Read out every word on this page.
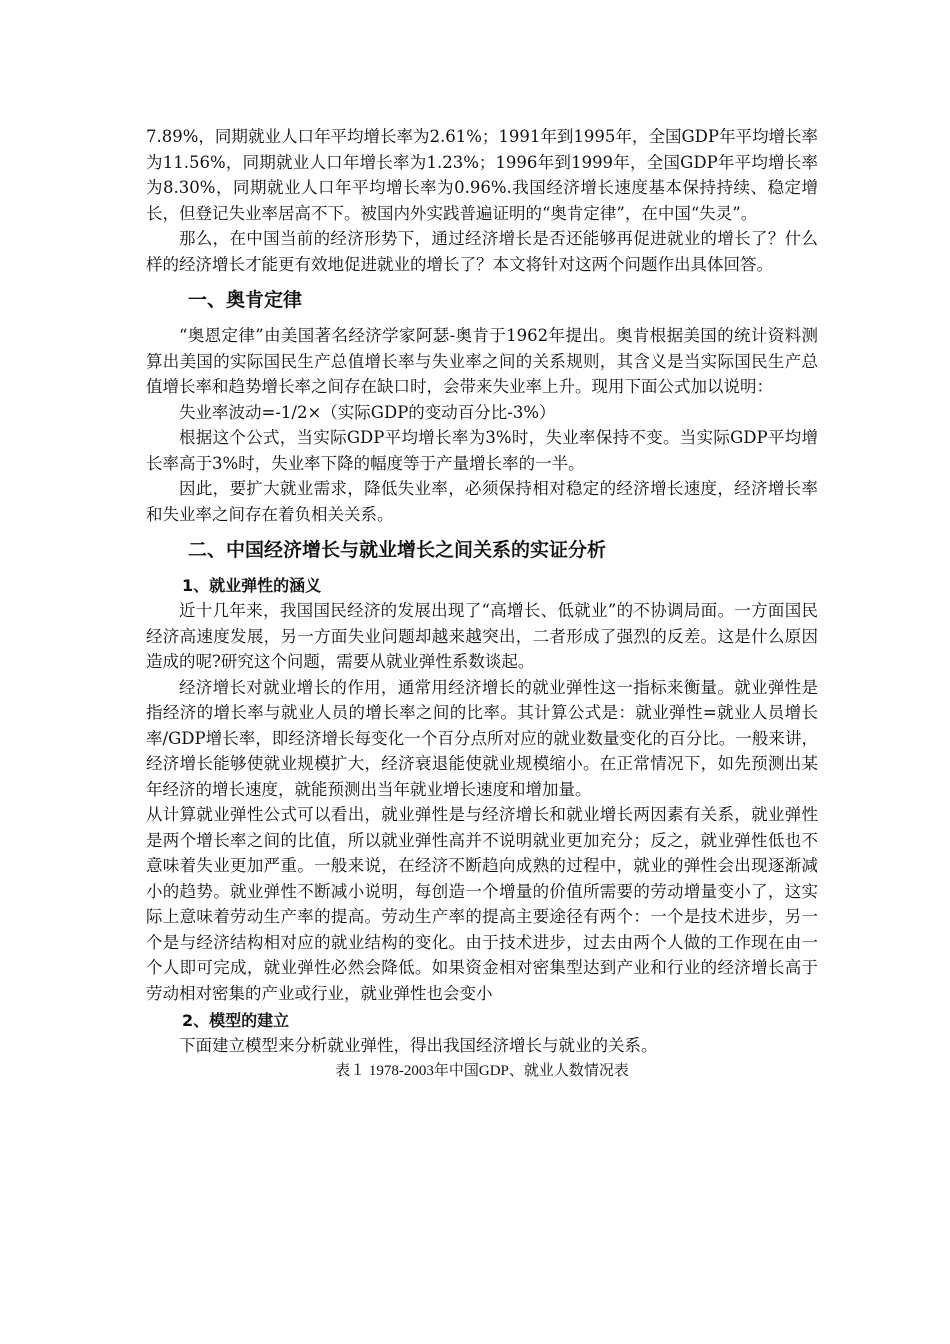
7.89%，同期就业人口年平均增长率为2.61%；1991年到1995年，全国GDP年平均增长率为11.56%，同期就业人口年增长率为1.23%；1996年到1999年，全国GDP年平均增长率为8.30%，同期就业人口年平均增长率为0.96%.我国经济增长速度基本保持持续、稳定增长，但登记失业率居高不下。被国内外实践普遍证明的“奥肯定律”，在中国“失灵”。

那么，在中国当前的经济形势下，通过经济增长是否还能够再促进就业的增长了？什么样的经济增长才能更有效地促进就业的增长了？本文将针对这两个问题作出具体回答。

一、奥肯定律

“奥恩定律”由美国著名经济学家阿瑟-奥肯于1962年提出。奥肯根据美国的统计资料测算出美国的实际国民生产总值增长率与失业率之间的关系规则，其含义是当实际国民生产总值增长率和趋势增长率之间存在缺口时，会带来失业率上升。现用下面公式加以说明：

失业率波动=-1/2×（实际GDP的变动百分比-3%）

根据这个公式，当实际GDP平均增长率为3%时，失业率保持不变。当实际GDP平均增长率高于3%时，失业率下降的幅度等于产量增长率的一半。

因此，要扩大就业需求，降低失业率，必须保持相对稳定的经济增长速度，经济增长率和失业率之间存在着负相关关系。

二、中国经济增长与就业增长之间关系的实证分析
1、就业弹性的涵义

近十几年来，我国国民经济的发展出现了“高增长、低就业”的不协调局面。一方面国民经济高速度发展，另一方面失业问题却越来越突出，二者形成了强烈的反差。这是什么原因造成的呢?研究这个问题，需要从就业弹性系数谈起。

经济增长对就业增长的作用，通常用经济增长的就业弹性这一指标来衡量。就业弹性是指经济的增长率与就业人员的增长率之间的比率。其计算公式是：就业弹性=就业人员增长率/GDP增长率，即经济增长每变化一个百分点所对应的就业数量变化的百分比。一般来讲，经济增长能够使就业规模扩大，经济衰退能使就业规模缩小。在正常情况下，如先预测出某年经济的增长速度，就能预测出当年就业增长速度和增加量。

从计算就业弹性公式可以看出，就业弹性是与经济增长和就业增长两因素有关系，就业弹性是两个增长率之间的比值，所以就业弹性高并不说明就业更加充分；反之，就业弹性低也不意味着失业更加严重。一般来说，在经济不断趋向成熟的过程中，就业的弹性会出现逐渐减小的趋势。就业弹性不断减小说明，每创造一个增量的价值所需要的劳动增量变小了，这实际上意味着劳动生产率的提高。劳动生产率的提高主要途径有两个：一个是技术进步，另一个是与经济结构相对应的就业结构的变化。由于技术进步，过去由两个人做的工作现在由一个人即可完成，就业弹性必然会降低。如果资金相对密集型达到产业和行业的经济增长高于劳动相对密集的产业或行业，就业弹性也会变小

2、模型的建立

下面建立模型来分析就业弹性，得出我国经济增长与就业的关系。

表１ 1978-2003年中国GDP、就业人数情况表
